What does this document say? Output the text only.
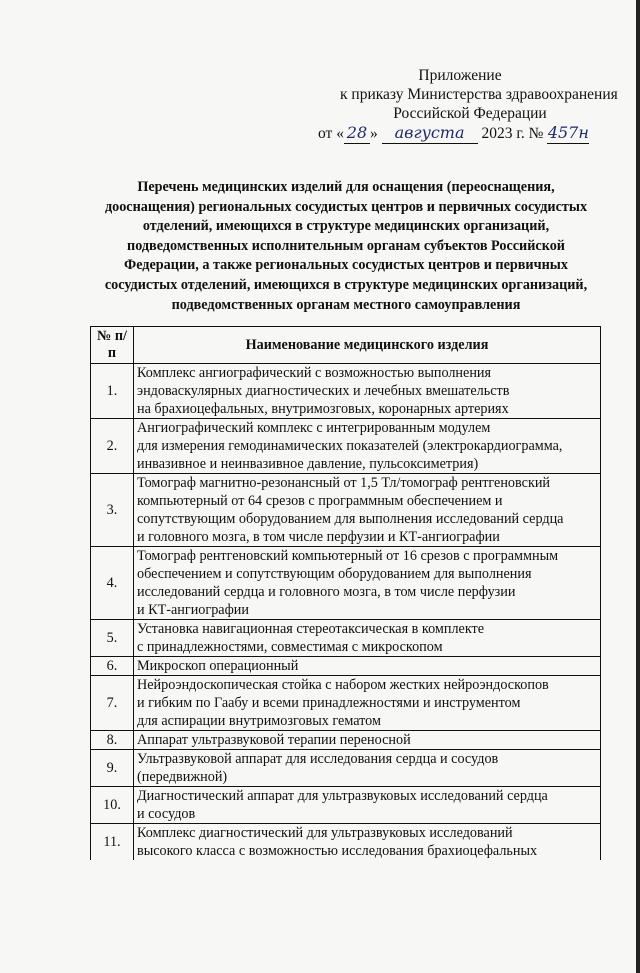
Приложение
к приказу Министерства здравоохранения
Российской Федерации
от « 28 » августа 2023 г. № 457н
Перечень медицинских изделий для оснащения (переоснащения, дооснащения) региональных сосудистых центров и первичных сосудистых отделений, имеющихся в структуре медицинских организаций, подведомственных исполнительным органам субъектов Российской Федерации, а также региональных сосудистых центров и первичных сосудистых отделений, имеющихся в структуре медицинских организаций, подведомственных органам местного самоуправления
№ п/п	Наименование медицинского изделия
1.	Комплекс ангиографический с возможностью выполнения
эндоваскулярных диагностических и лечебных вмешательств
на брахиоцефальных, внутримозговых, коронарных артериях

2.	Ангиографический комплекс с интегрированным модулем
для измерения гемодинамических показателей (электрокардиограмма,
инвазивное и неинвазивное давление, пульсоксиметрия)

3.	Томограф магнитно-резонансный от 1,5 Тл/томограф рентгеновский
компьютерный от 64 срезов с программным обеспечением и
сопутствующим оборудованием для выполнения исследований сердца
и головного мозга, в том числе перфузии и КТ-ангиографии

4.	Томограф рентгеновский компьютерный от 16 срезов с программным
обеспечением и сопутствующим оборудованием для выполнения
исследований сердца и головного мозга, в том числе перфузии
и КТ-ангиографии

5.	Установка навигационная стереотаксическая в комплекте
с принадлежностями, совместимая с микроскопом

6.	Микроскоп операционный

7.	Нейроэндоскопическая стойка с набором жестких нейроэндоскопов
и гибким по Гаабу и всеми принадлежностями и инструментом
для аспирации внутримозговых гематом

8.	Аппарат ультразвуковой терапии переносной

9.	Ультразвуковой аппарат для исследования сердца и сосудов
(передвижной)

10.	Диагностический аппарат для ультразвуковых исследований сердца
и сосудов

11.	Комплекс диагностический для ультразвуковых исследований
высокого класса с возможностью исследования брахиоцефальных
